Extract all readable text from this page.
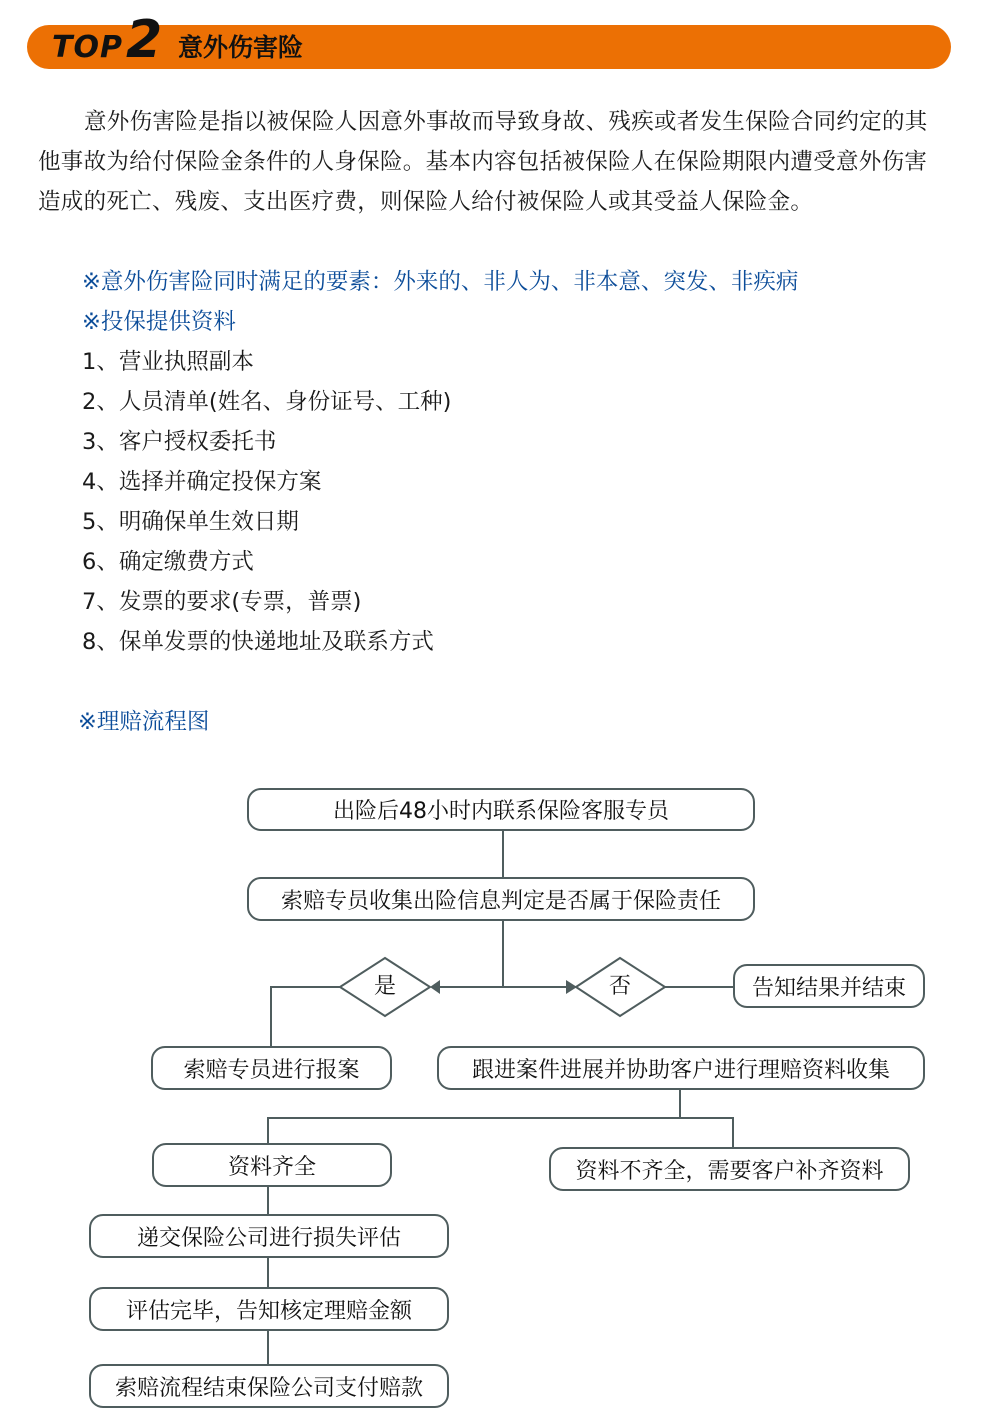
TOP 2 意外伤害险

意外伤害险是指以被保险人因意外事故而导致身故、残疾或者发生保险合同约定的其他事故为给付保险金条件的人身保险。基本内容包括被保险人在保险期限内遭受意外伤害造成的死亡、残废、支出医疗费，则保险人给付被保险人或其受益人保险金。

※意外伤害险同时满足的要素：外来的、非人为、非本意、突发、非疾病
※投保提供资料
1、营业执照副本
2、人员清单(姓名、身份证号、工种)
3、客户授权委托书
4、选择并确定投保方案
5、明确保单生效日期
6、确定缴费方式
7、发票的要求(专票，普票)
8、保单发票的快递地址及联系方式
※理赔流程图
出险后48小时内联系保险客服专员
索赔专员收集出险信息判定是否属于保险责任
是	否	告知结果并结束
索赔专员进行报案	跟进案件进展并协助客户进行理赔资料收集
资料齐全	资料不齐全，需要客户补齐资料
递交保险公司进行损失评估
评估完毕，告知核定理赔金额
索赔流程结束保险公司支付赔款
